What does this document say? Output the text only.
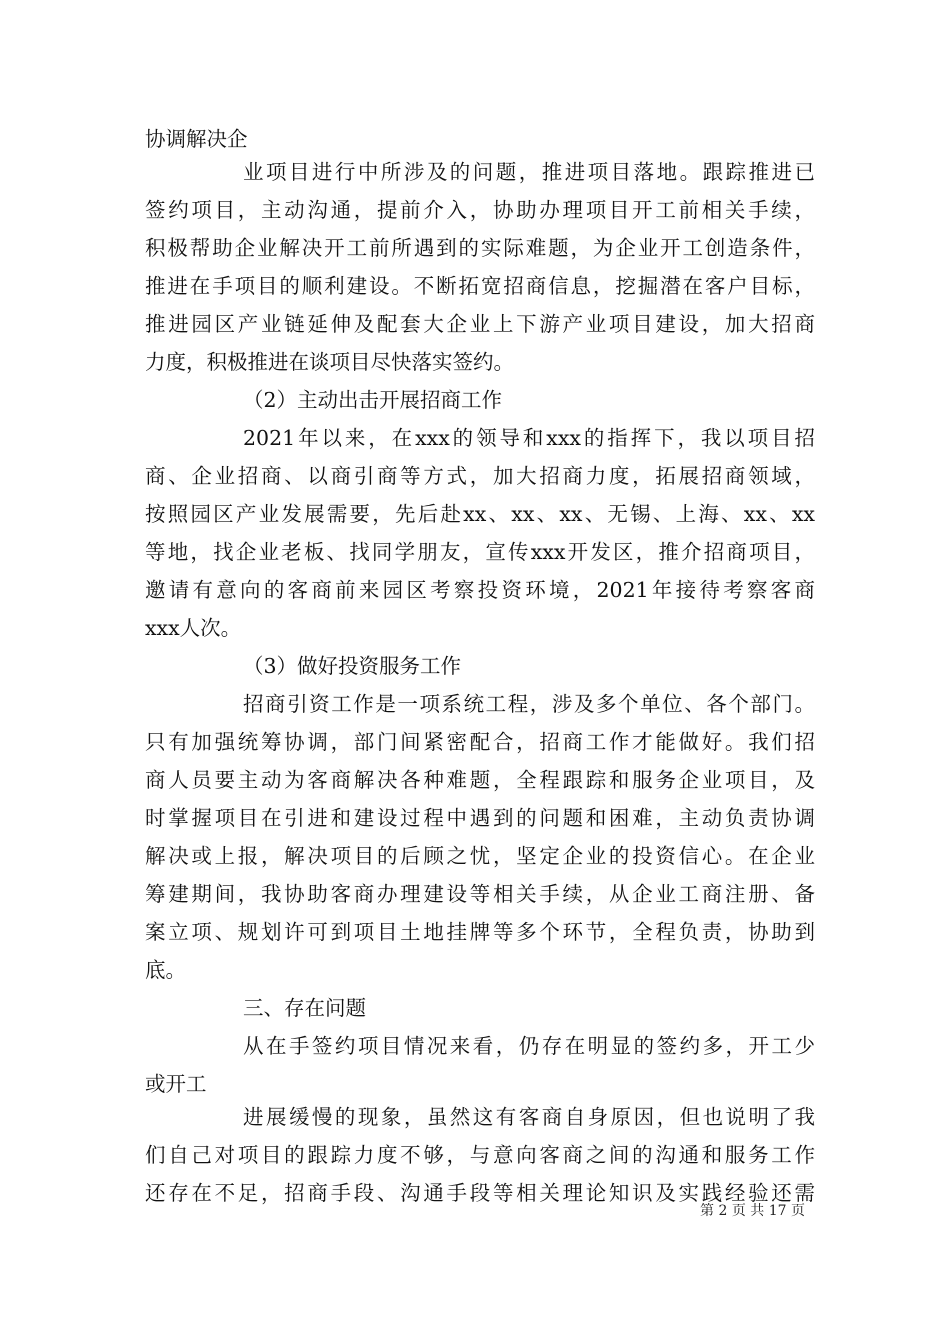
协调解决企
业项目进行中所涉及的问题，推进项目落地。跟踪推进已
签约项目，主动沟通，提前介入，协助办理项目开工前相关手续，
积极帮助企业解决开工前所遇到的实际难题，为企业开工创造条件，
推进在手项目的顺利建设。不断拓宽招商信息，挖掘潜在客户目标，
推进园区产业链延伸及配套大企业上下游产业项目建设，加大招商
力度，积极推进在谈项目尽快落实签约。
（2）主动出击开展招商工作
2021年以来，在xxx的领导和xxx的指挥下，我以项目招
商、企业招商、以商引商等方式，加大招商力度，拓展招商领域，
按照园区产业发展需要，先后赴xx、xx、xx、无锡、上海、xx、xx
等地，找企业老板、找同学朋友，宣传xxx开发区，推介招商项目，
邀请有意向的客商前来园区考察投资环境，2021年接待考察客商
xxx人次。
（3）做好投资服务工作
招商引资工作是一项系统工程，涉及多个单位、各个部门。
只有加强统筹协调，部门间紧密配合，招商工作才能做好。我们招
商人员要主动为客商解决各种难题，全程跟踪和服务企业项目，及
时掌握项目在引进和建设过程中遇到的问题和困难，主动负责协调
解决或上报，解决项目的后顾之忧，坚定企业的投资信心。在企业
筹建期间，我协助客商办理建设等相关手续，从企业工商注册、备
案立项、规划许可到项目土地挂牌等多个环节，全程负责，协助到
底。
三、存在问题
从在手签约项目情况来看，仍存在明显的签约多，开工少
或开工
进展缓慢的现象，虽然这有客商自身原因，但也说明了我
们自己对项目的跟踪力度不够，与意向客商之间的沟通和服务工作
还存在不足，招商手段、沟通手段等相关理论知识及实践经验还需
第 2 页 共 17 页
